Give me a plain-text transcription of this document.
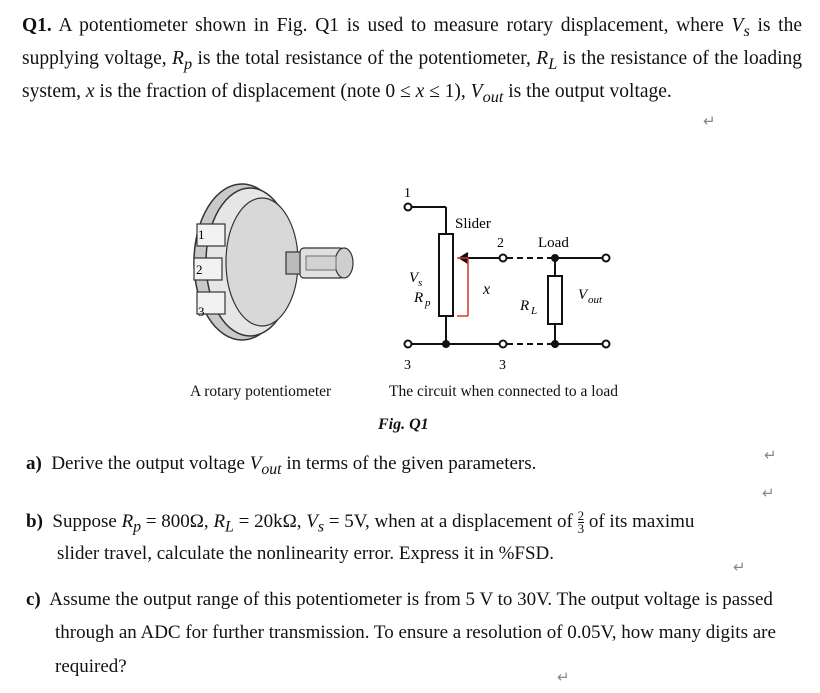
Q1. A potentiometer shown in Fig. Q1 is used to measure rotary displacement, where $V_s$ is the supplying voltage, $R_p$ is the total resistance of the potentiometer, $R_L$ is the resistance of the loading system, x is the fraction of displacement (note 0 ≤ x ≤ 1), $V_{out}$ is the output voltage.
↵
1
2
3
1
Slider
2 Load
V s
R p
x
R L
V out
3	3
A rotary potentiometer	The circuit when connected to a load
Fig. Q1
a) Derive the output voltage $V_{out}$ in terms of the given parameters.	↵
↵
b) Suppose $R_p = 800\Omega$, $R_L = 20k\Omega$, $V_s = 5V$, when at a displacement of $\frac{2}{3}$ of its maximu
slider travel, calculate the nonlinearity error. Express it in %FSD.
↵
c) Assume the output range of this potentiometer is from 5 V to 30V. The output voltage is passed
through an ADC for further transmission. To ensure a resolution of 0.05V, how many digits are
required?	↵
